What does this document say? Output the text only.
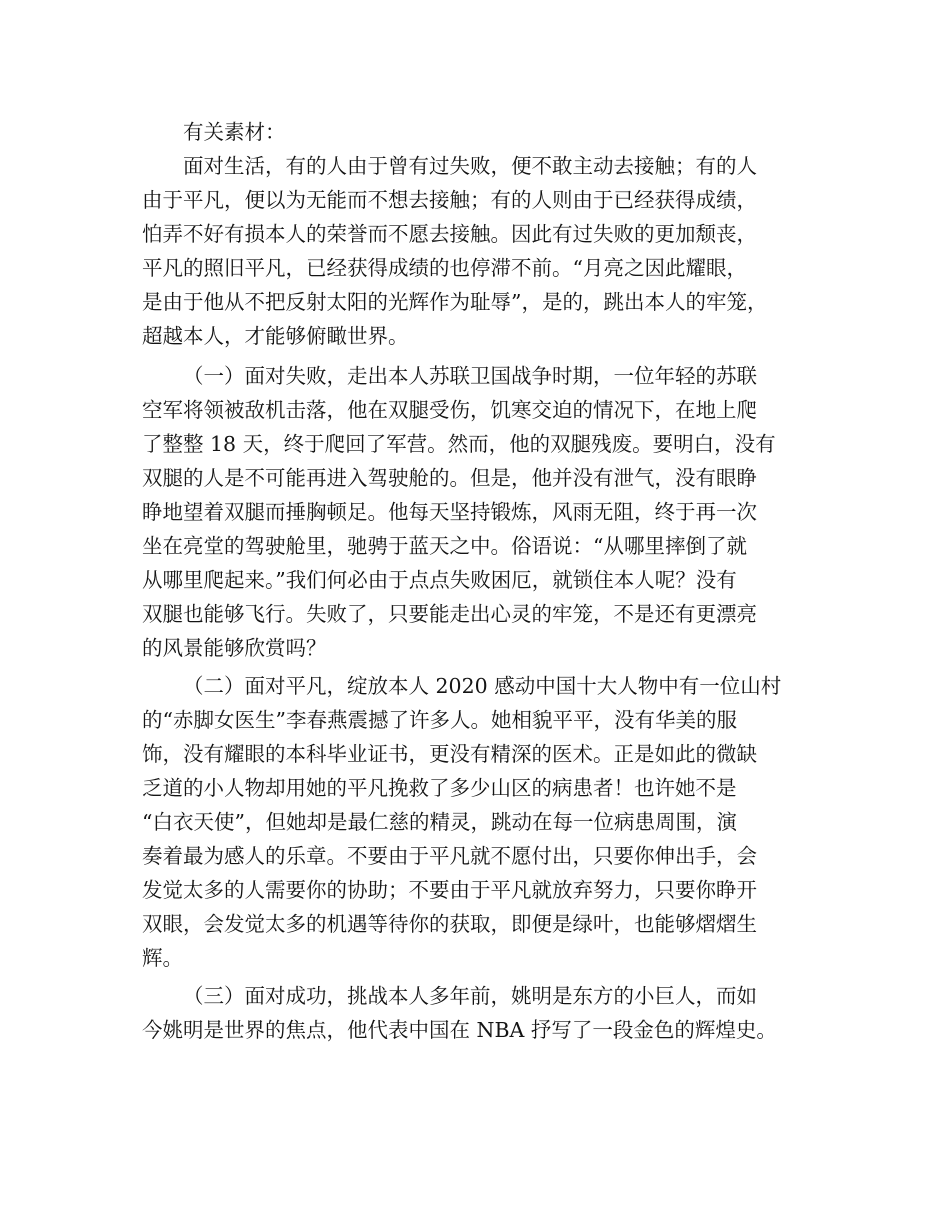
有关素材：
面对生活，有的人由于曾有过失败，便不敢主动去接触；有的人
由于平凡，便以为无能而不想去接触；有的人则由于已经获得成绩，
怕弄不好有损本人的荣誉而不愿去接触。因此有过失败的更加颓丧，
平凡的照旧平凡，已经获得成绩的也停滞不前。“月亮之因此耀眼，
是由于他从不把反射太阳的光辉作为耻辱”，是的，跳出本人的牢笼，
超越本人，才能够俯瞰世界。
（一）面对失败，走出本人苏联卫国战争时期，一位年轻的苏联
空军将领被敌机击落，他在双腿受伤，饥寒交迫的情况下，在地上爬
了整整 18 天，终于爬回了军营。然而，他的双腿残废。要明白，没有
双腿的人是不可能再进入驾驶舱的。但是，他并没有泄气，没有眼睁
睁地望着双腿而捶胸顿足。他每天坚持锻炼，风雨无阻，终于再一次
坐在亮堂的驾驶舱里，驰骋于蓝天之中。俗语说：“从哪里摔倒了就
从哪里爬起来。”我们何必由于点点失败困厄，就锁住本人呢？没有
双腿也能够飞行。失败了，只要能走出心灵的牢笼，不是还有更漂亮
的风景能够欣赏吗？
（二）面对平凡，绽放本人 2020 感动中国十大人物中有一位山村
的“赤脚女医生”李春燕震撼了许多人。她相貌平平，没有华美的服
饰，没有耀眼的本科毕业证书，更没有精深的医术。正是如此的微缺
乏道的小人物却用她的平凡挽救了多少山区的病患者！也许她不是
“白衣天使”，但她却是最仁慈的精灵，跳动在每一位病患周围，演
奏着最为感人的乐章。不要由于平凡就不愿付出，只要你伸出手，会
发觉太多的人需要你的协助；不要由于平凡就放弃努力，只要你睁开
双眼，会发觉太多的机遇等待你的获取，即便是绿叶，也能够熠熠生
辉。
（三）面对成功，挑战本人多年前，姚明是东方的小巨人，而如
今姚明是世界的焦点，他代表中国在 NBA 抒写了一段金色的辉煌史。
